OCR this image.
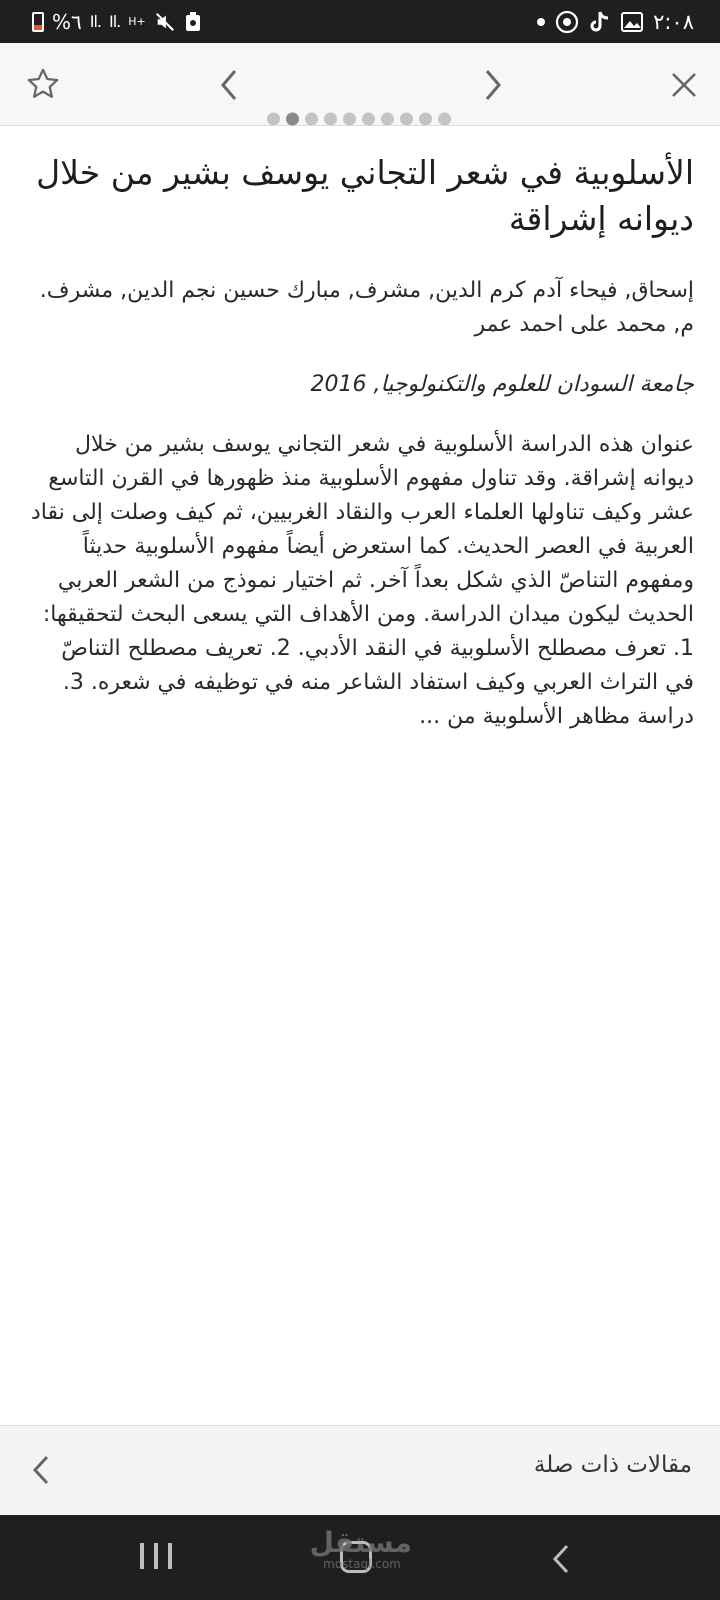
%٦ Il. Il. H+	٢:٠٨
الأسلوبية في شعر التجاني يوسف بشير من خلال ديوانه إشراقة
إسحاق, فيحاء آدم كرم الدين, مشرف, مبارك حسين نجم الدين, مشرف. م, محمد على احمد عمر
جامعة السودان للعلوم والتكنولوجيا, 2016
عنوان هذه الدراسة الأسلوبية في شعر التجاني يوسف بشير من خلال ديوانه إشراقة. وقد تناول مفهوم الأسلوبية منذ ظهورها في القرن التاسع عشر وكيف تناولها العلماء العرب والنقاد الغربيين، ثم كيف وصلت إلى نقاد العربية في العصر الحديث. كما استعرض أيضاً مفهوم الأسلوبية حديثاً ومفهوم التناصّ الذي شكل بعداً آخر. ثم اختيار نموذج من الشعر العربي الحديث ليكون ميدان الدراسة. ومن الأهداف التي يسعى البحث لتحقيقها: 1. تعرف مصطلح الأسلوبية في النقد الأدبي. 2. تعريف مصطلح التناصّ في التراث العربي وكيف استفاد الشاعر منه في توظيفه في شعره. 3. دراسة مظاهر الأسلوبية من ...
مقالات ذات صلة
مستقل
mostaql.com
